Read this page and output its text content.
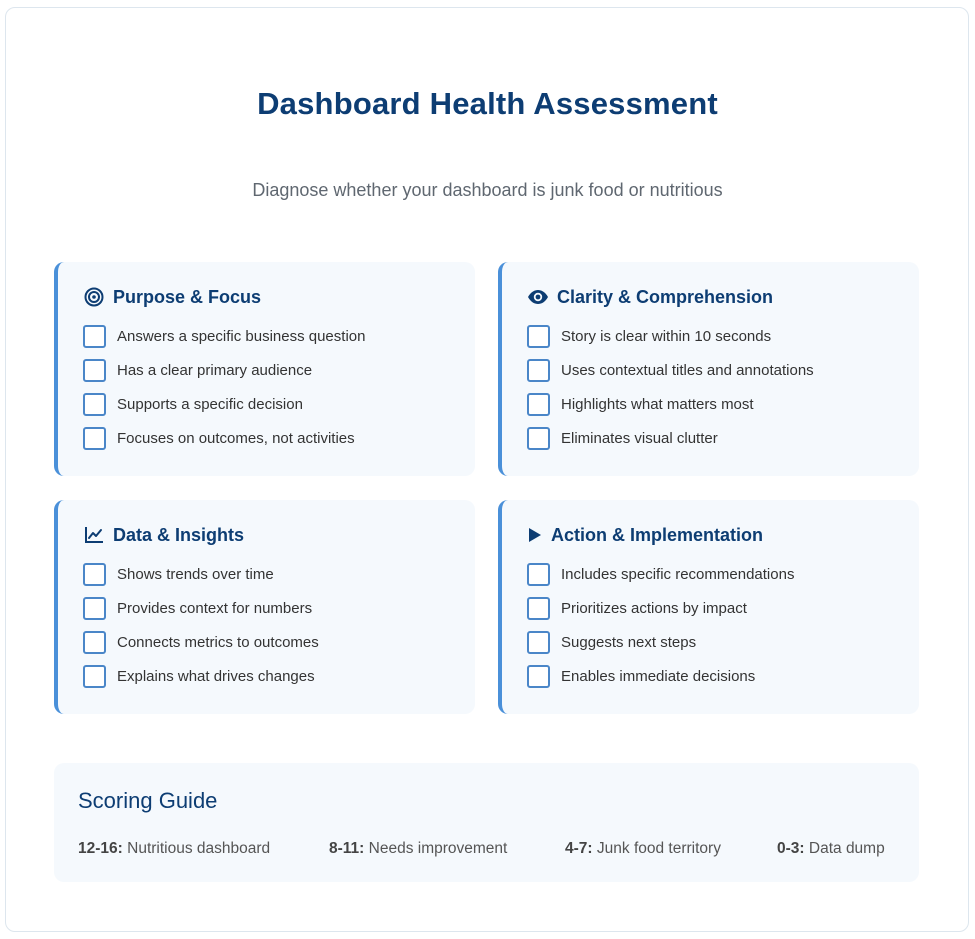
Dashboard Health Assessment

Diagnose whether your dashboard is junk food or nutritious

Purpose & Focus
Answers a specific business question
Has a clear primary audience
Supports a specific decision
Focuses on outcomes, not activities
Clarity & Comprehension
Story is clear within 10 seconds
Uses contextual titles and annotations
Highlights what matters most
Eliminates visual clutter
Data & Insights
Shows trends over time
Provides context for numbers
Connects metrics to outcomes
Explains what drives changes
Action & Implementation
Includes specific recommendations
Prioritizes actions by impact
Suggests next steps
Enables immediate decisions
Scoring Guide
12-16: Nutritious dashboard	8-11: Needs improvement	4-7: Junk food territory	0-3: Data dump
